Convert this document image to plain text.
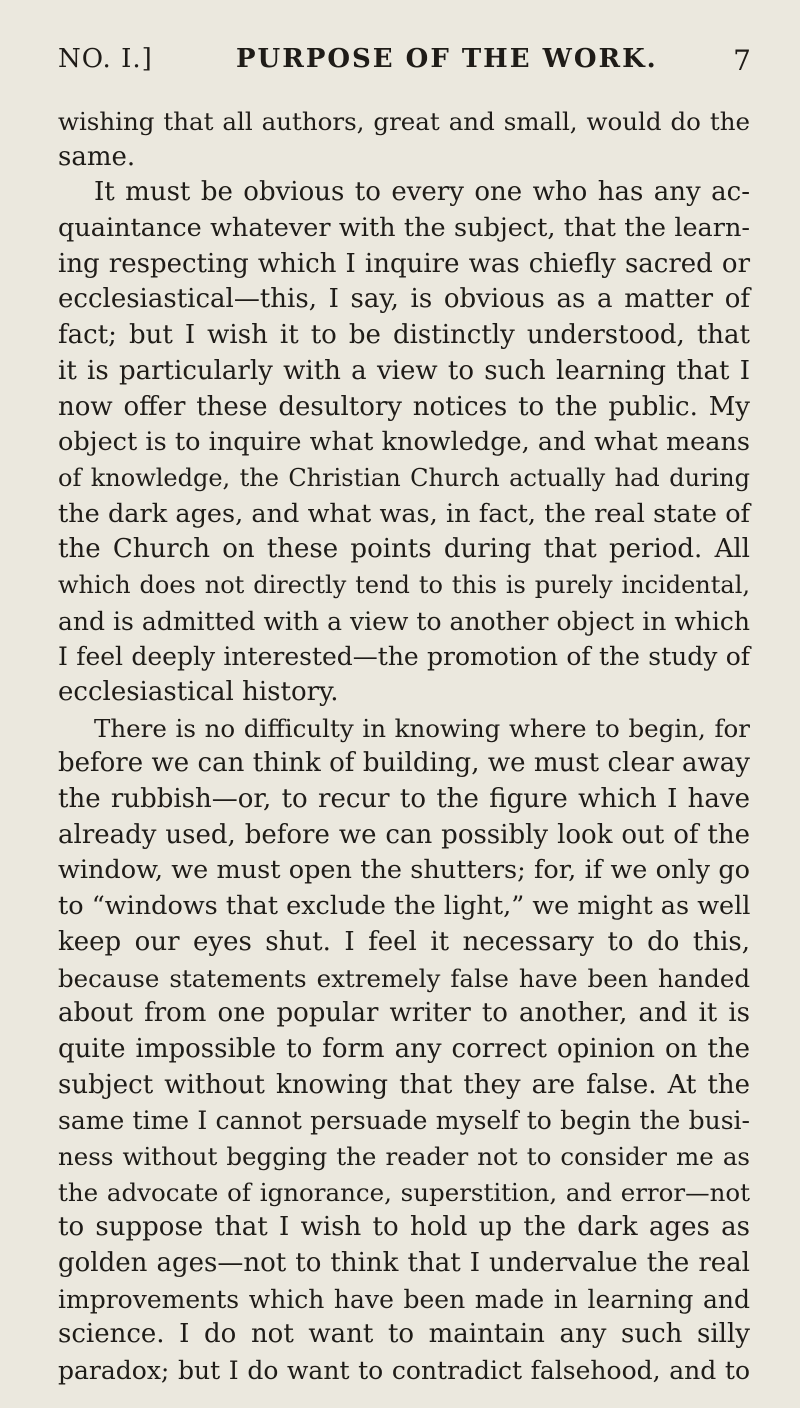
NO. I.]	PURPOSE OF THE WORK.	7
wishing that all authors, great and small, would do the
same.
It must be obvious to every one who has any ac-
quaintance whatever with the subject, that the learn-
ing respecting which I inquire was chiefly sacred or
ecclesiastical—this, I say, is obvious as a matter of
fact; but I wish it to be distinctly understood, that
it is particularly with a view to such learning that I
now offer these desultory notices to the public. My
object is to inquire what knowledge, and what means
of knowledge, the Christian Church actually had during
the dark ages, and what was, in fact, the real state of
the Church on these points during that period. All
which does not directly tend to this is purely incidental,
and is admitted with a view to another object in which
I feel deeply interested—the promotion of the study of
ecclesiastical history.
There is no difficulty in knowing where to begin, for
before we can think of building, we must clear away
the rubbish—or, to recur to the figure which I have
already used, before we can possibly look out of the
window, we must open the shutters; for, if we only go
to “windows that exclude the light,” we might as well
keep our eyes shut. I feel it necessary to do this,
because statements extremely false have been handed
about from one popular writer to another, and it is
quite impossible to form any correct opinion on the
subject without knowing that they are false. At the
same time I cannot persuade myself to begin the busi-
ness without begging the reader not to consider me as
the advocate of ignorance, superstition, and error—not
to suppose that I wish to hold up the dark ages as
golden ages—not to think that I undervalue the real
improvements which have been made in learning and
science. I do not want to maintain any such silly
paradox; but I do want to contradict falsehood, and to
